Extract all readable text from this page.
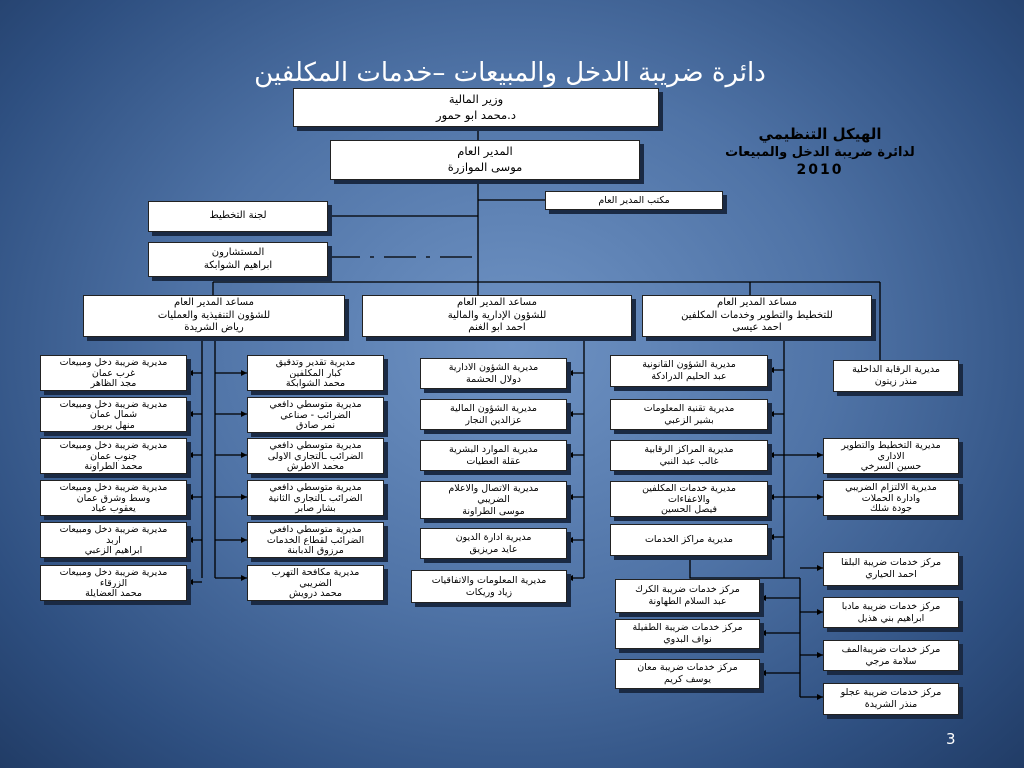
دائرة ضريبة الدخل والمبيعات –خدمات المكلفين
الهيكل التنظيمي
لدائرة ضريبة الدخل والمبيعات
2010
وزير المالية
د.محمد ابو حمور
المدير العام
موسى الموازرة
مكتب المدير العام
لجنة التخطيط
المستشارون
ابراهيم الشوابكة
مساعد المدير العام
للشؤون التنفيذية والعمليات
رياض الشريدة
مساعد المدير العام
للشؤون الإدارية والمالية
احمد ابو الغنم
مساعد المدير العام
للتخطيط والتطوير وخدمات المكلفين
احمد عيسى
مديرية الرقابة الداخلية
منذر زيتون
مديرية ضريبة دخل ومبيعات
غرب عمان
مجد الظاهر
مديرية ضريبة دخل ومبيعات
شمال عمان
منهل بربور
مديرية ضريبة دخل ومبيعات
جنوب عمان
محمد الطراونة
مديرية ضريبة دخل ومبيعات
وسط وشرق عمان
يعقوب عياد
مديرية ضريبة دخل ومبيعات
اربد
ابراهيم الزعبي
مديرية ضريبة دخل ومبيعات
الزرقاء
محمد العضايلة
مديرية تقدير وتدقيق
كبار المكلفين
محمد الشوابكة
مديرية متوسطي دافعي
الضرائب - صناعي
نمر صادق
مديرية متوسطي دافعي
الضرائب ـالتجاري الاولى
محمد الاطرش
مديرية متوسطي دافعي
الضرائب ـالتجاري الثانية
بشار صابر
مديرية متوسطي دافعي
الضرائب لقطاع الخدمات
مرزوق الدبابنة
مديرية مكافحة التهرب
الضريبي
محمد درويش
مديرية الشؤون الادارية
دولال الحشمة
مديرية الشؤون المالية
عزالدين النجار
مديرية الموارد البشرية
عقلة العطيات
مديرية الاتصال والاعلام
الضريبي
موسى الطراونة
مديرية ادارة الديون
عايد مريزيق
مديرية المعلومات والاتفاقيات
زياد وريكات
مديرية الشؤون القانونية
عبد الحليم الدرادكة
مديرية تقنية المعلومات
بشير الزعبي
مديرية المراكز الرقابية
غالب عبد النبي
مديرية خدمات المكلفين
والاعفاءات
فيصل الحسين
مديرية مراكز الخدمات
مديرية التخطيط والتطوير
الاداري
حسين السرخي
مديرية الالتزام الضريبي
وادارة الحملات
جودة شلك
مركز خدمات ضريبة الكرك
عبد السلام الطهاونة
مركز خدمات ضريبة الطفيلة
نواف البدوي
مركز خدمات ضريبة معان
يوسف كريم
مركز خدمات ضريبة البلقا
احمد الحياري
مركز خدمات ضريبة مادبا
ابراهيم بني هذيل
مركز خدمات ضريبةالمف
سلامة مرجي
مركز خدمات ضريبة عجلو
منذر الشريدة
3
